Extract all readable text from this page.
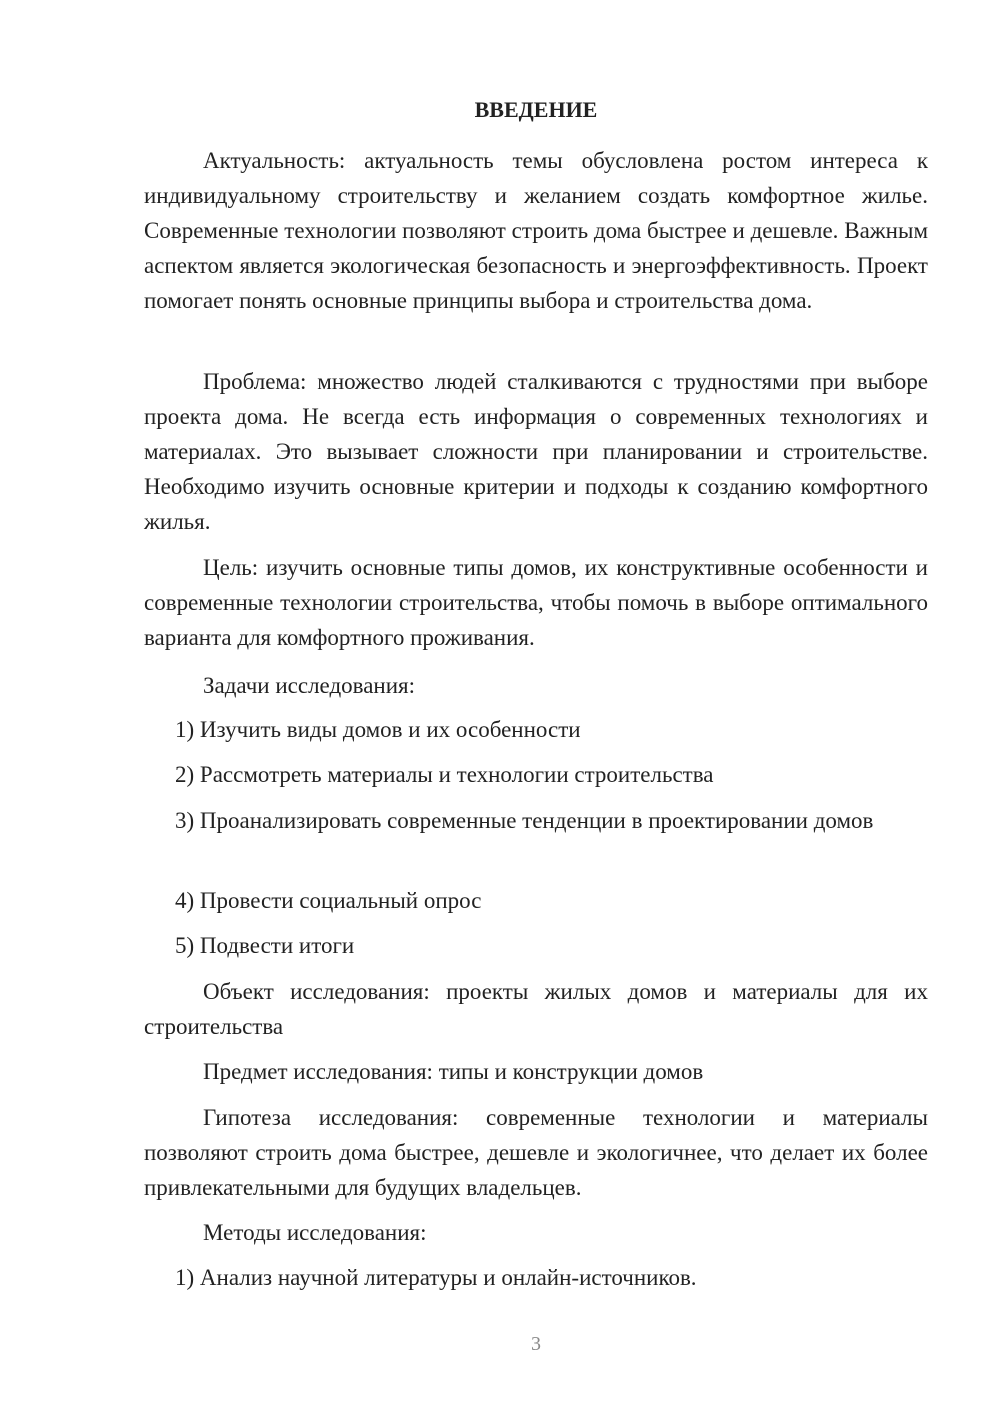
ВВЕДЕНИЕ

Актуальность: актуальность темы обусловлена ростом интереса к индивидуальному строительству и желанием создать комфортное жилье. Современные технологии позволяют строить дома быстрее и дешевле. Важным аспектом является экологическая безопасность и энергоэффективность. Проект помогает понять основные принципы выбора и строительства дома.

Проблема: множество людей сталкиваются с трудностями при выборе проекта дома. Не всегда есть информация о современных технологиях и материалах. Это вызывает сложности при планировании и строительстве. Необходимо изучить основные критерии и подходы к созданию комфортного жилья.

Цель: изучить основные типы домов, их конструктивные особенности и современные технологии строительства, чтобы помочь в выборе оптимального варианта для комфортного проживания.

Задачи исследования:

1) Изучить виды домов и их особенности

2) Рассмотреть материалы и технологии строительства

3) Проанализировать современные тенденции в проектировании домов

4) Провести социальный опрос

5) Подвести итоги

Объект исследования: проекты жилых домов и материалы для их строительства

Предмет исследования: типы и конструкции домов

Гипотеза исследования: современные технологии и материалы позволяют строить дома быстрее, дешевле и экологичнее, что делает их более привлекательными для будущих владельцев.

Методы исследования:

1) Анализ научной литературы и онлайн-источников.

3
